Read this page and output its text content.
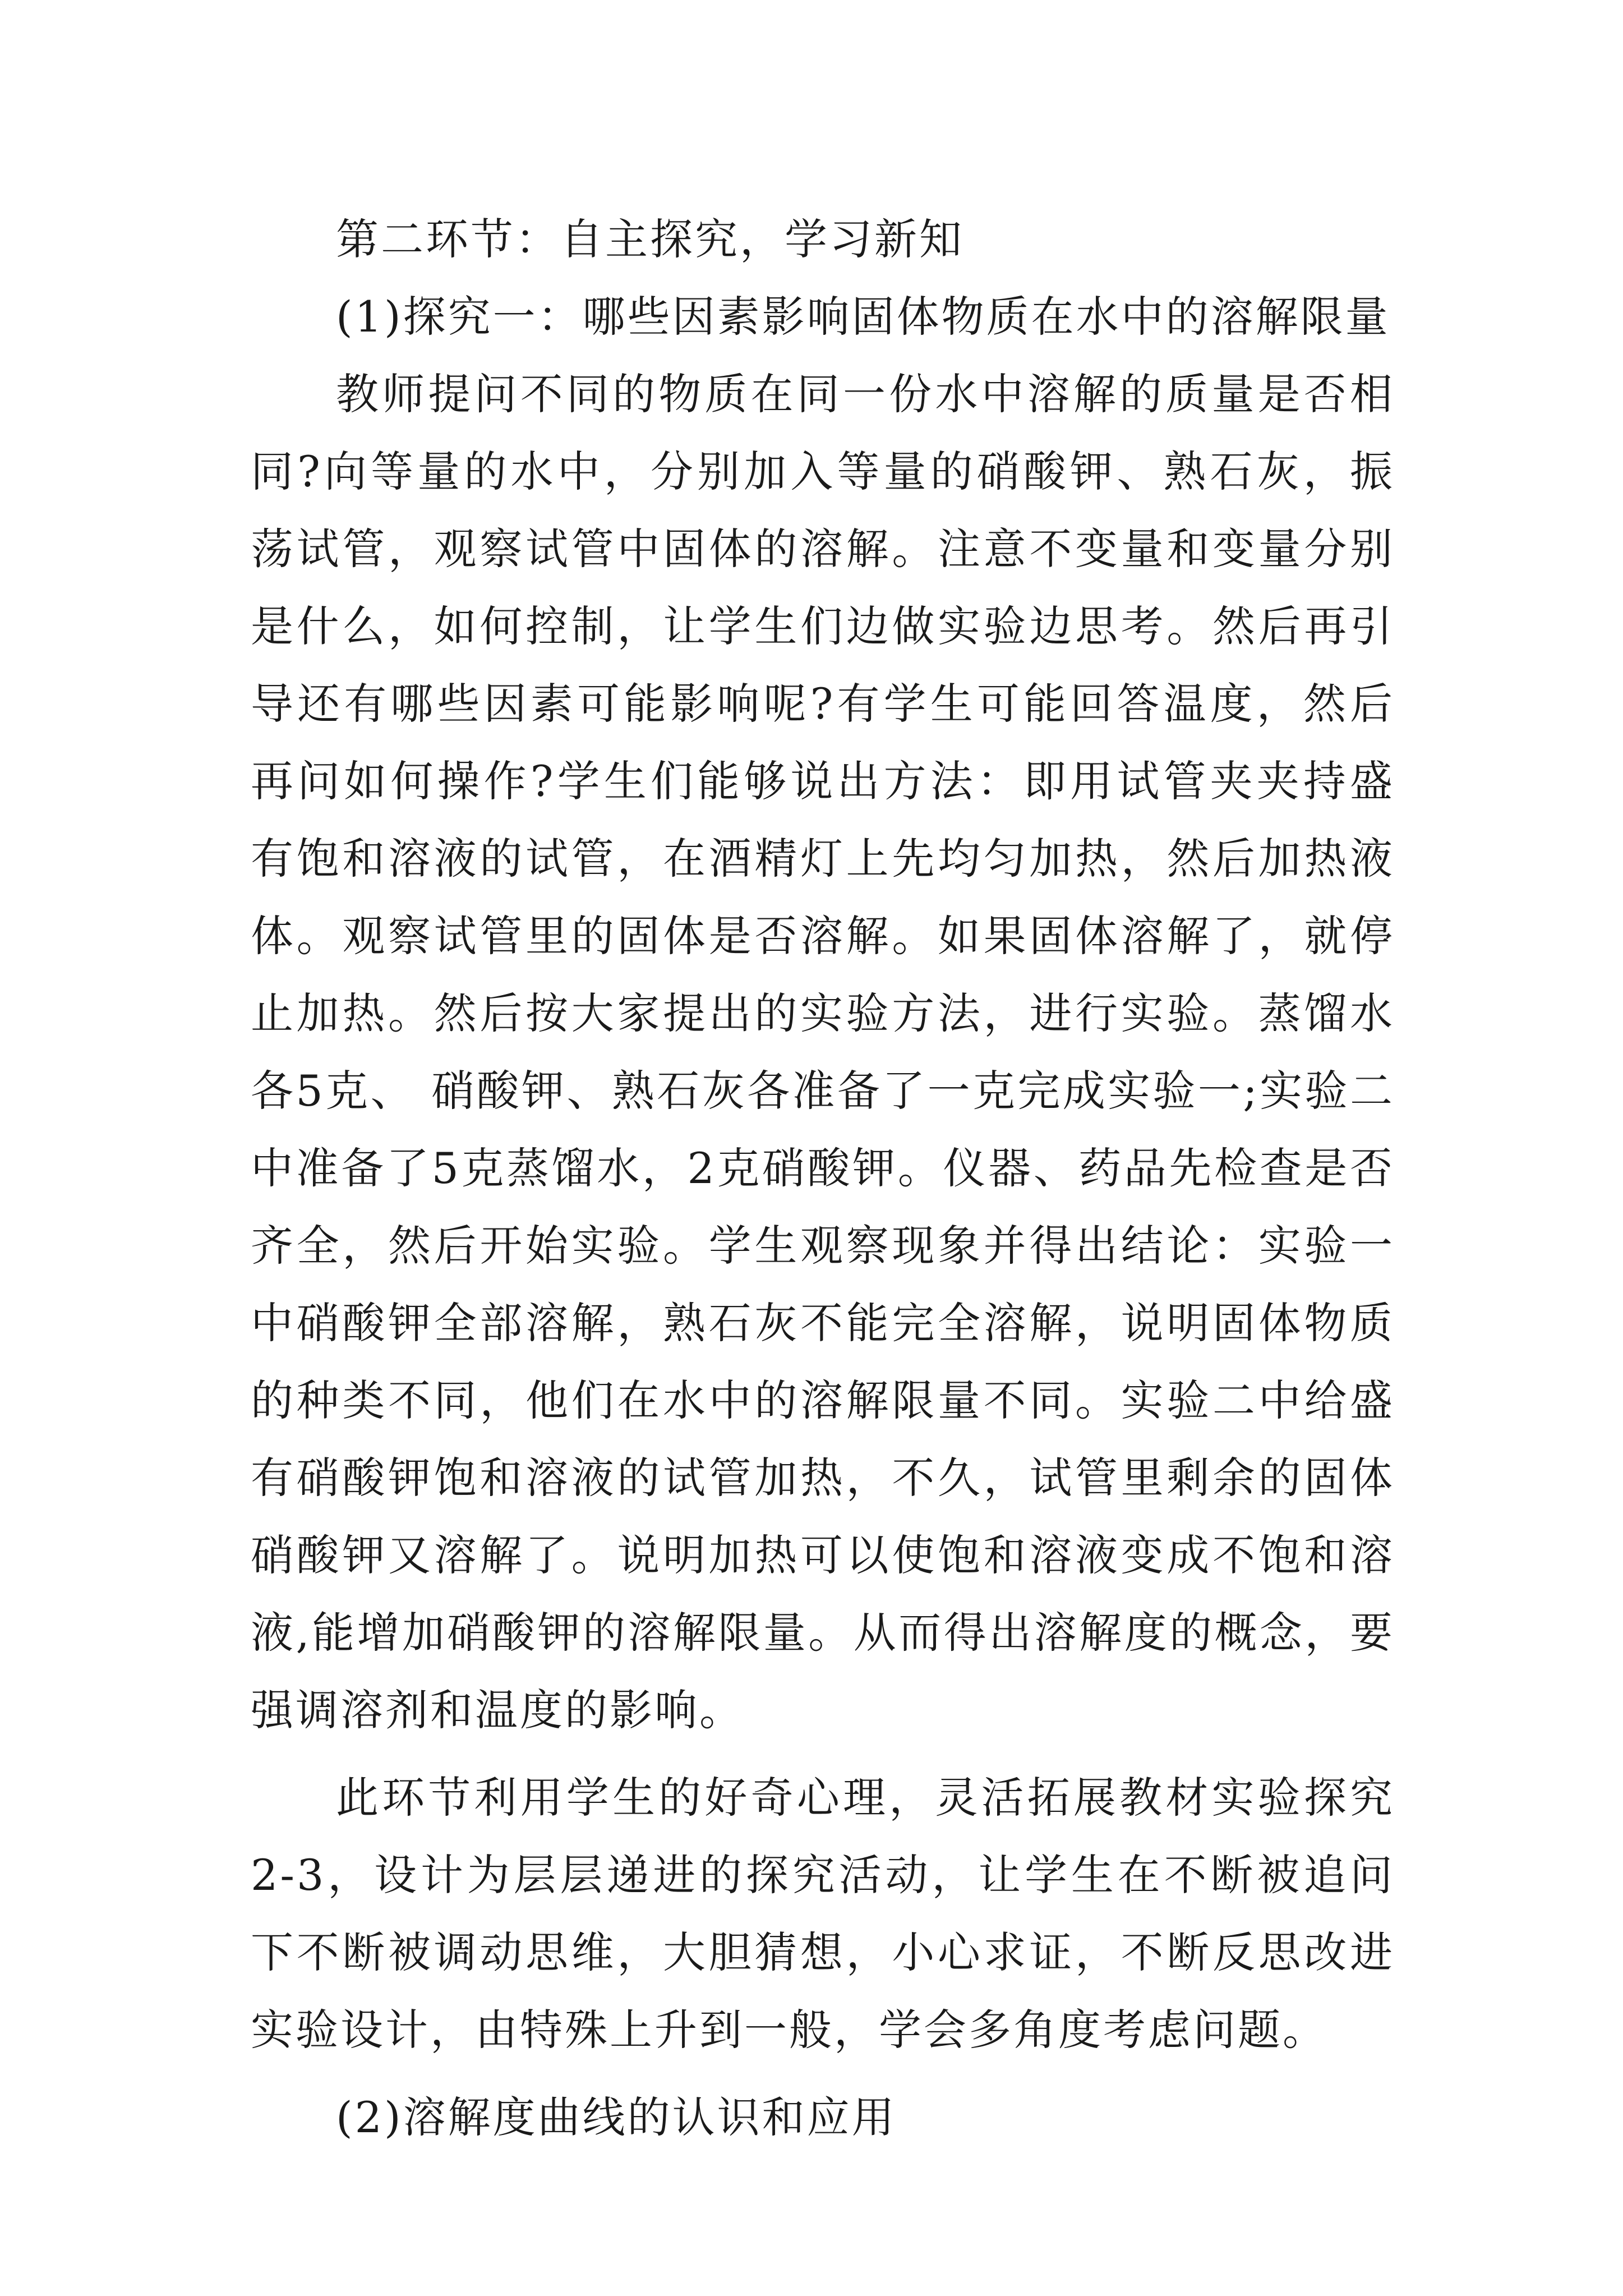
第二环节：自主探究，学习新知

(1)探究一：哪些因素影响固体物质在水中的溶解限量

教师提问不同的物质在同一份水中溶解的质量是否相同?向等量的水中，分别加入等量的硝酸钾、熟石灰，振荡试管，观察试管中固体的溶解。注意不变量和变量分别是什么，如何控制，让学生们边做实验边思考。然后再引导还有哪些因素可能影响呢?有学生可能回答温度，然后再问如何操作?学生们能够说出方法：即用试管夹夹持盛有饱和溶液的试管，在酒精灯上先均匀加热，然后加热液体。观察试管里的固体是否溶解。如果固体溶解了，就停止加热。然后按大家提出的实验方法，进行实验。蒸馏水各5克、 硝酸钾、熟石灰各准备了一克完成实验一;实验二中准备了5克蒸馏水，2克硝酸钾。仪器、药品先检查是否齐全，然后开始实验。学生观察现象并得出结论：实验一中硝酸钾全部溶解，熟石灰不能完全溶解，说明固体物质的种类不同，他们在水中的溶解限量不同。实验二中给盛有硝酸钾饱和溶液的试管加热，不久，试管里剩余的固体硝酸钾又溶解了。说明加热可以使饱和溶液变成不饱和溶液,能增加硝酸钾的溶解限量。从而得出溶解度的概念，要强调溶剂和温度的影响。

此环节利用学生的好奇心理，灵活拓展教材实验探究2-3，设计为层层递进的探究活动，让学生在不断被追问下不断被调动思维，大胆猜想，小心求证，不断反思改进实验设计，由特殊上升到一般，学会多角度考虑问题。

(2)溶解度曲线的认识和应用
